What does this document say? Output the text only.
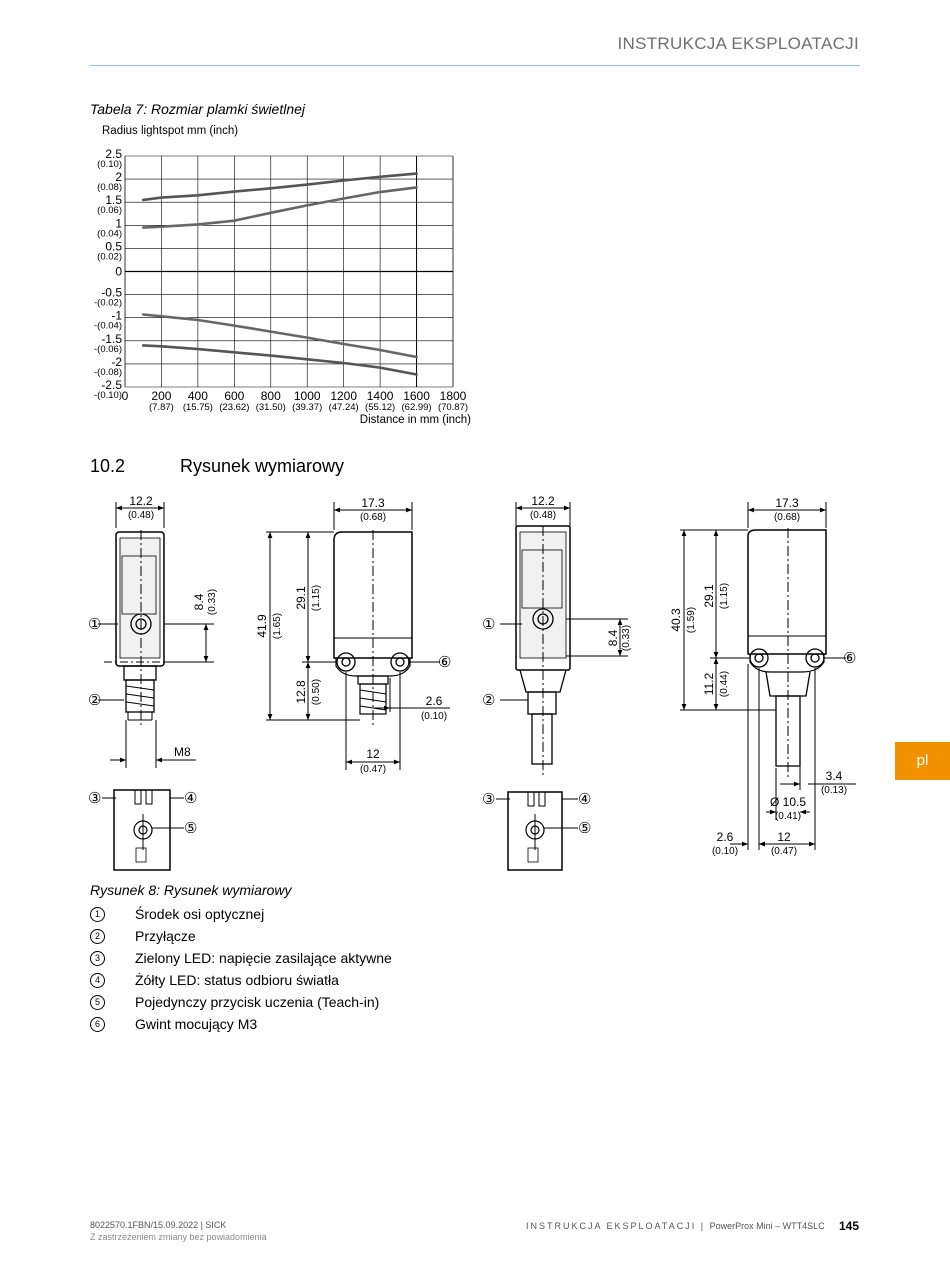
INSTRUKCJA EKSPLOATACJI
Tabela 7: Rozmiar plamki świetlnej
Radius lightspot mm (inch)
2.5
(0.10)
2
(0.08)
1.5
(0.06)
1
(0.04)
0.5
(0.02)
0
-0.5
-(0.02)
-1
-(0.04)
-1.5
-(0.06)
-2
-(0.08)
-2.5
-(0.10) 0 200
(7.87)
400
(15.75)
600
(23.62)
800
(31.50)
1000
(39.37)
1200
(47.24)
1400
(55.12)
1600
(62.99)
1800
(70.87)
Distance in mm (inch)
10.2	Rysunek wymiarowy
12.2
(0.48)
8.4 (0.33)
M8
①
②
③	④
⑤
17.3
(0.68)
41.9 (1.65)
29.1 (1.15)
12.8 (0.50)	2.6
(0.10)
12
(0.47)
⑥
12.2
(0.48)
8.4 (0.33)
①
②
③	④
⑤
17.3
(0.68)
40.3 (1.59)
29.1 (1.15)
11.2 (0.44)
3.4
(0.13)
Ø 10.5
(0.41)
2.6
(0.10)
12
(0.47)
⑥
Rysunek 8: Rysunek wymiarowy
1	Środek osi optycznej
2	Przyłącze
3	Zielony LED: napięcie zasilające aktywne
4	Żółty LED: status odbioru światła
5	Pojedynczy przycisk uczenia (Teach-in)
6	Gwint mocujący M3
pl
8022570.1FBN/15.09.2022 | SICK
Z zastrzeżeniem zmiany bez powiadomienia
INSTRUKCJA EKSPLOATACJI | PowerProx Mini – WTT4SLC 145
